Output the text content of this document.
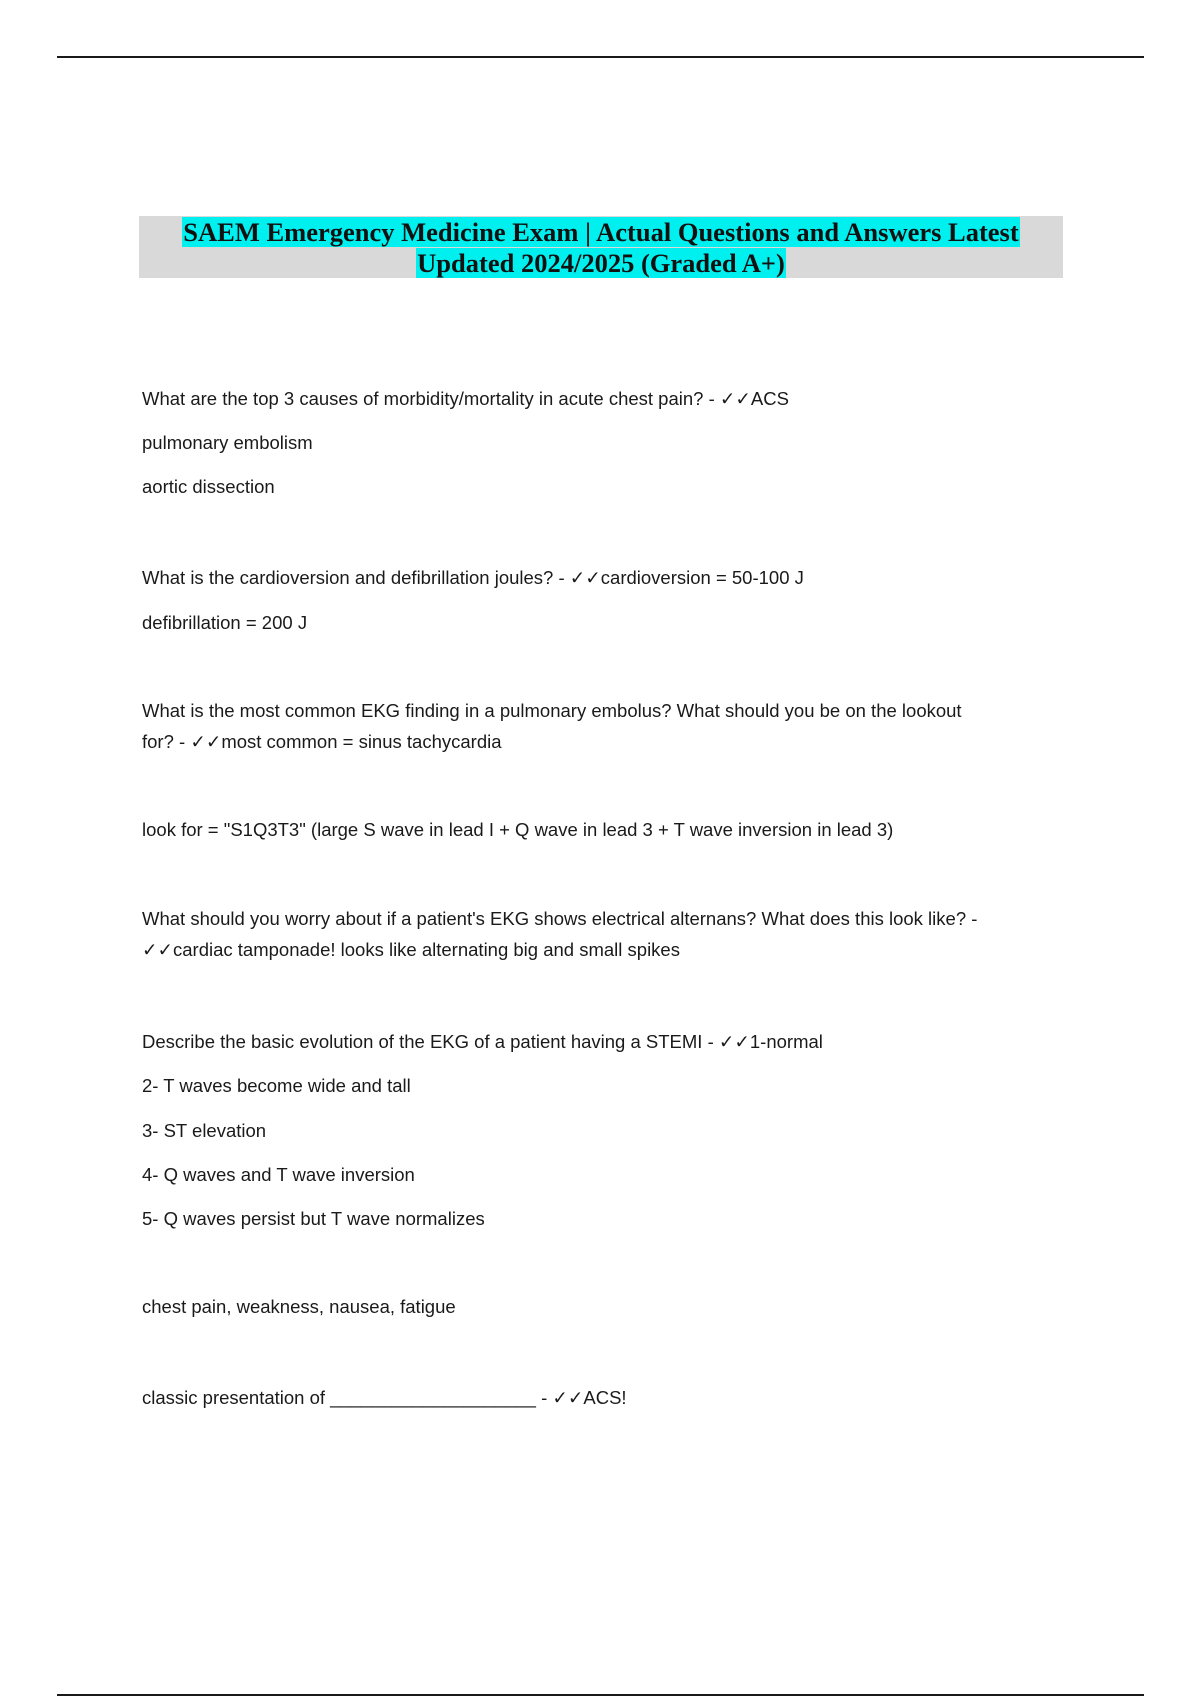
SAEM Emergency Medicine Exam | Actual Questions and Answers Latest
Updated 2024/2025 (Graded A+)
What are the top 3 causes of morbidity/mortality in acute chest pain? - ✓✓ACS
pulmonary embolism
aortic dissection
What is the cardioversion and defibrillation joules? - ✓✓cardioversion = 50-100 J
defibrillation = 200 J
What is the most common EKG finding in a pulmonary embolus? What should you be on the lookout
for? - ✓✓most common = sinus tachycardia
look for = "S1Q3T3" (large S wave in lead I + Q wave in lead 3 + T wave inversion in lead 3)
What should you worry about if a patient's EKG shows electrical alternans? What does this look like? -
✓✓cardiac tamponade! looks like alternating big and small spikes
Describe the basic evolution of the EKG of a patient having a STEMI - ✓✓1-normal
2- T waves become wide and tall
3- ST elevation
4- Q waves and T wave inversion
5- Q waves persist but T wave normalizes
chest pain, weakness, nausea, fatigue
classic presentation of ____________________ - ✓✓ACS!
